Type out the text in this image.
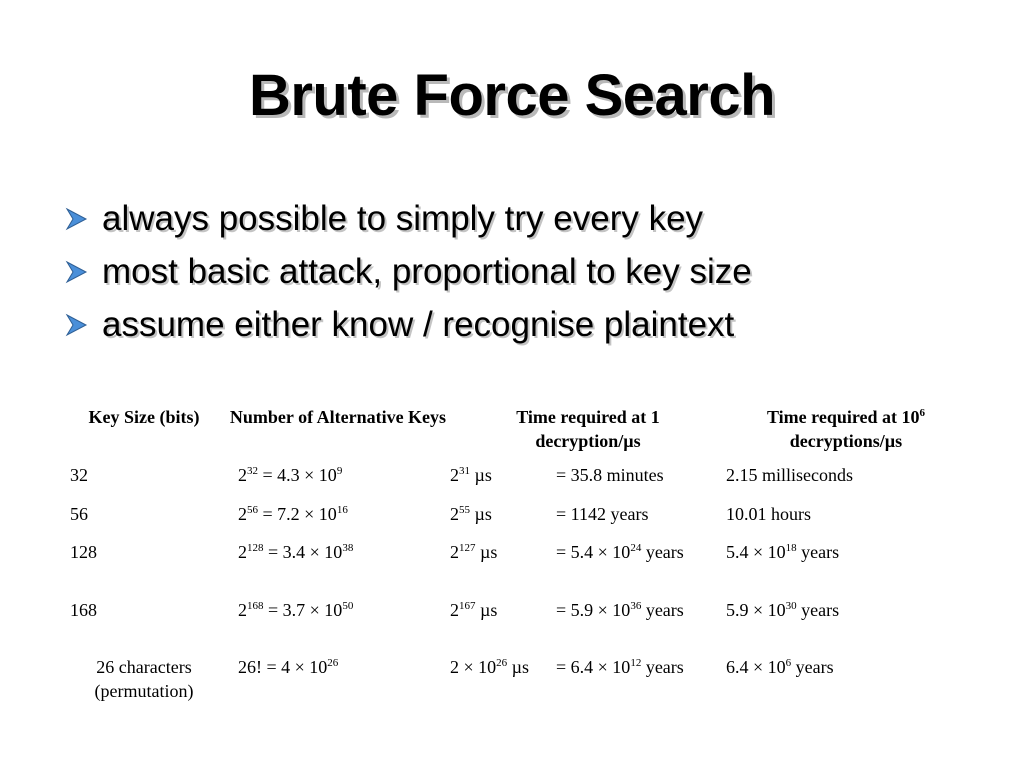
Brute Force Search
always possible to simply try every key
most basic attack, proportional to key size
assume either know / recognise plaintext
Key Size (bits)	Number of Alternative Keys	Time required at 1 decryption/µs		Time required at $10^6$
decryptions/µs
32	$2^{32} = 4.3 \times 10^9$	$2^{31}$ µs	= 35.8 minutes	2.15 milliseconds
56	$2^{56} = 7.2 \times 10^{16}$	$2^{55}$ µs	= 1142 years	10.01 hours
128	$2^{128} = 3.4 \times 10^{38}$	$2^{127}$ µs	= $5.4 \times 10^{24}$ years	$5.4 \times 10^{18}$ years
168	$2^{168} = 3.7 \times 10^{50}$	$2^{167}$ µs	= $5.9 \times 10^{36}$ years	$5.9 \times 10^{30}$ years
26 characters
(permutation)	26! = $4 \times 10^{26}$	$2 \times 10^{26}$ µs	= $6.4 \times 10^{12}$ years	$6.4 \times 10^6$ years
